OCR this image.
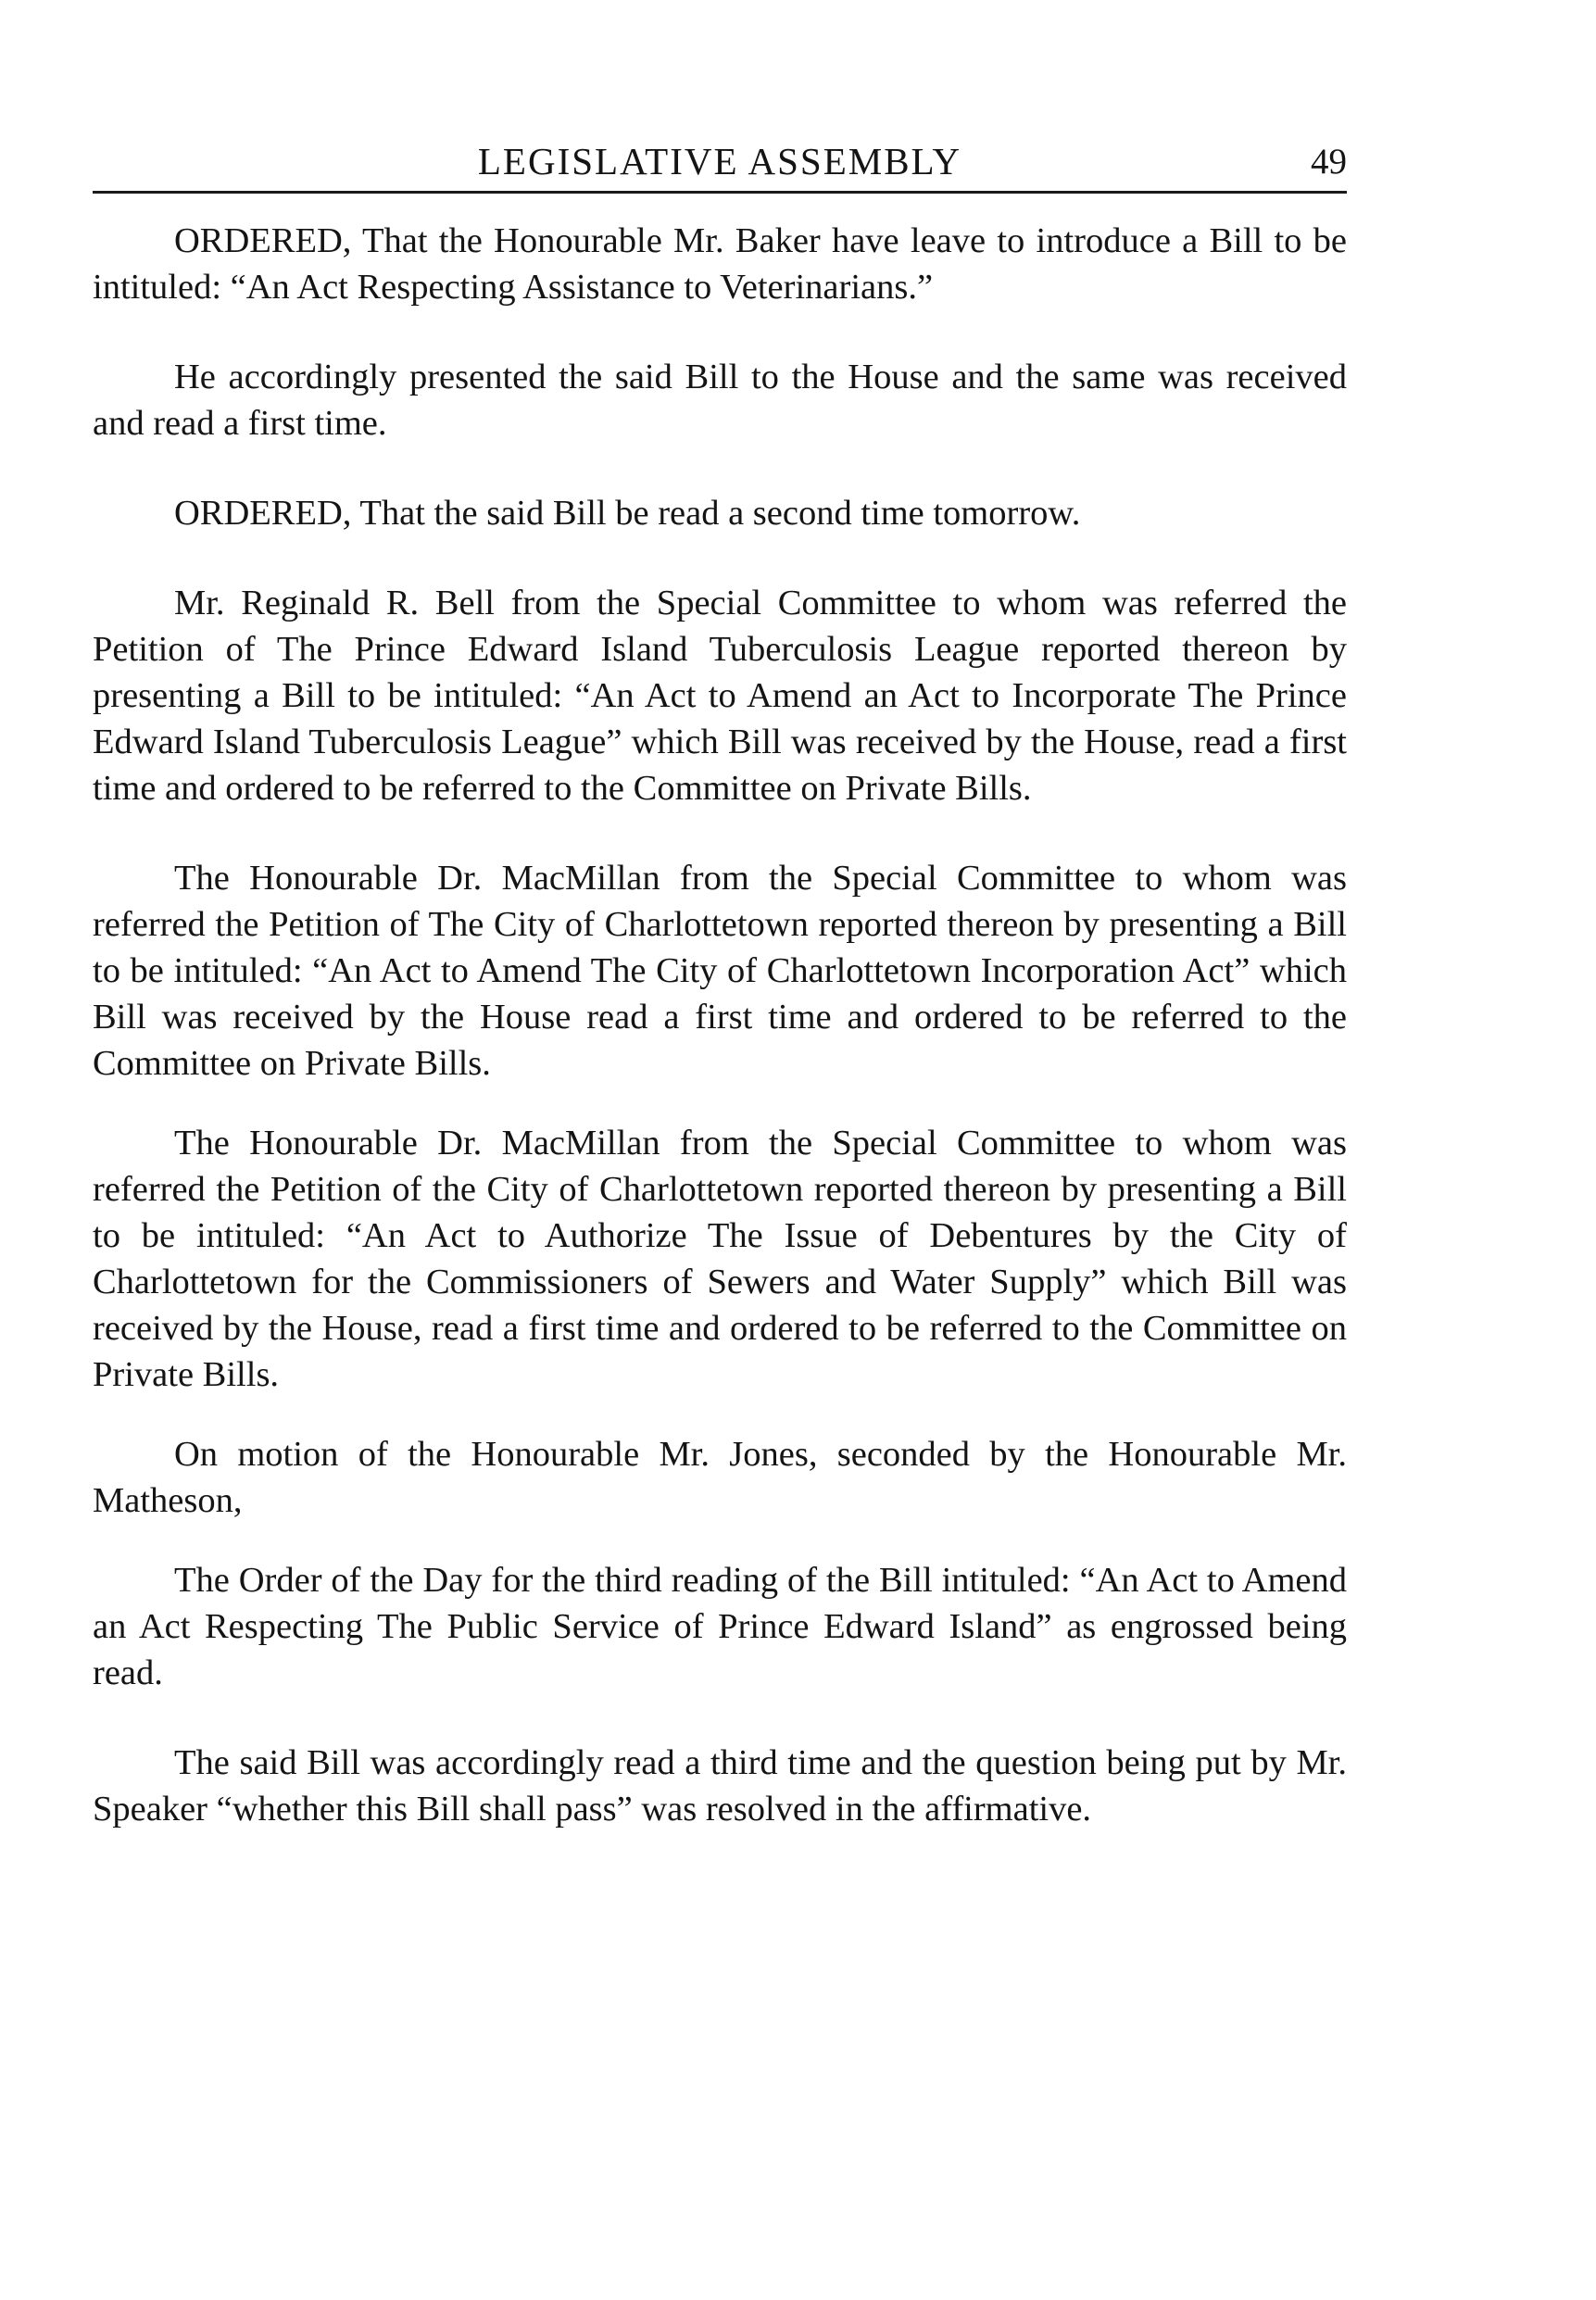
LEGISLATIVE ASSEMBLY	49

ORDERED, That the Honourable Mr. Baker have leave to introduce a Bill to be intituled: “An Act Respecting Assistance to Veterinarians.”

He accordingly presented the said Bill to the House and the same was received and read a first time.

ORDERED, That the said Bill be read a second time tomorrow.

Mr. Reginald R. Bell from the Special Committee to whom was referred the Petition of The Prince Edward Island Tuberculosis League reported thereon by presenting a Bill to be intituled: “An Act to Amend an Act to Incorporate The Prince Edward Island Tuberculosis League” which Bill was received by the House, read a first time and ordered to be referred to the Committee on Private Bills.

The Honourable Dr. MacMillan from the Special Committee to whom was referred the Petition of The City of Charlottetown reported thereon by presenting a Bill to be intituled: “An Act to Amend The City of Charlottetown Incorporation Act” which Bill was received by the House read a first time and ordered to be referred to the Committee on Private Bills.

The Honourable Dr. MacMillan from the Special Committee to whom was referred the Petition of the City of Charlottetown reported thereon by presenting a Bill to be intituled: “An Act to Authorize The Issue of Debentures by the City of Charlottetown for the Commissioners of Sewers and Water Supply” which Bill was received by the House, read a first time and ordered to be referred to the Committee on Private Bills.

On motion of the Honourable Mr. Jones, seconded by the Honourable Mr. Matheson,

The Order of the Day for the third reading of the Bill intituled: “An Act to Amend an Act Respecting The Public Service of Prince Edward Island” as engrossed being read.

The said Bill was accordingly read a third time and the question being put by Mr. Speaker “whether this Bill shall pass” was resolved in the affirmative.
